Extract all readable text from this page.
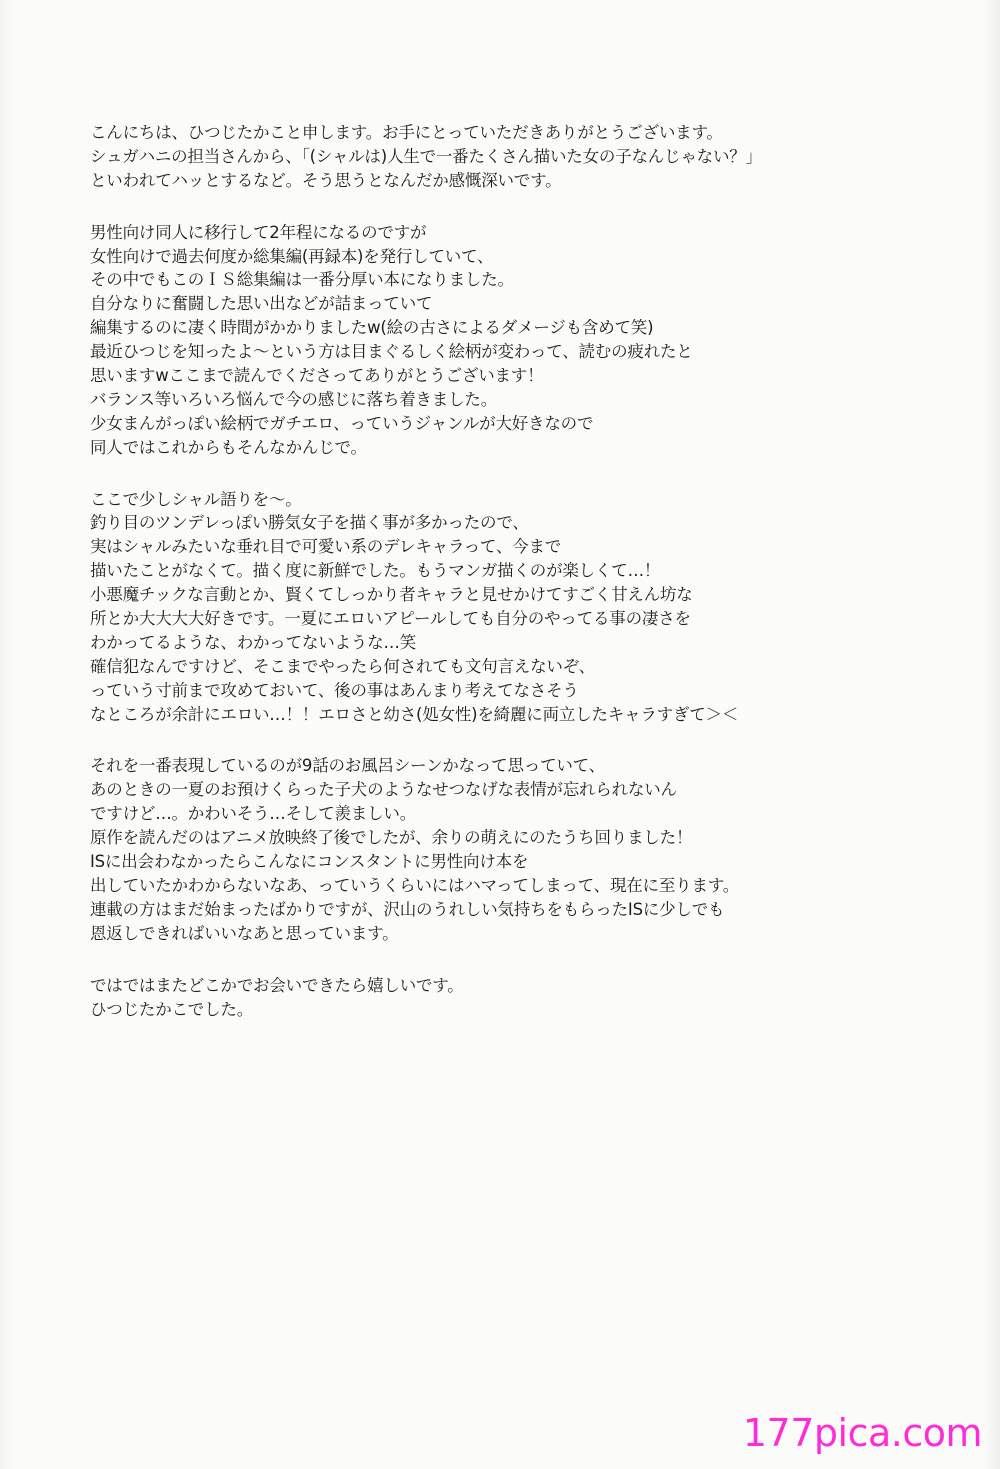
こんにちは、ひつじたかこと申します。お手にとっていただきありがとうございます。
シュガハニの担当さんから、「(シャルは)人生で一番たくさん描いた女の子なんじゃない？」
といわれてハッとするなど。そう思うとなんだか感慨深いです。
男性向け同人に移行して2年程になるのですが
女性向けで過去何度か総集編(再録本)を発行していて、
その中でもこのＩＳ総集編は一番分厚い本になりました。
自分なりに奮闘した思い出などが詰まっていて
編集するのに凄く時間がかかりましたw(絵の古さによるダメージも含めて笑)
最近ひつじを知ったよ～という方は目まぐるしく絵柄が変わって、読むの疲れたと
思いますwここまで読んでくださってありがとうございます！
バランス等いろいろ悩んで今の感じに落ち着きました。
少女まんがっぽい絵柄でガチエロ、っていうジャンルが大好きなので
同人ではこれからもそんなかんじで。
ここで少しシャル語りを～。
釣り目のツンデレっぽい勝気女子を描く事が多かったので、
実はシャルみたいな垂れ目で可愛い系のデレキャラって、今まで
描いたことがなくて。描く度に新鮮でした。もうマンガ描くのが楽しくて…！
小悪魔チックな言動とか、賢くてしっかり者キャラと見せかけてすごく甘えん坊な
所とか大大大大好きです。一夏にエロいアピールしても自分のやってる事の凄さを
わかってるような、わかってないような…笑
確信犯なんですけど、そこまでやったら何されても文句言えないぞ、
っていう寸前まで攻めておいて、後の事はあんまり考えてなさそう
なところが余計にエロい…！！エロさと幼さ(処女性)を綺麗に両立したキャラすぎて＞＜
それを一番表現しているのが9話のお風呂シーンかなって思っていて、
あのときの一夏のお預けくらった子犬のようなせつなげな表情が忘れられないん
ですけど…。かわいそう…そして羨ましい。
原作を読んだのはアニメ放映終了後でしたが、余りの萌えにのたうち回りました！
ISに出会わなかったらこんなにコンスタントに男性向け本を
出していたかわからないなあ、っていうくらいにはハマってしまって、現在に至ります。
連載の方はまだ始まったばかりですが、沢山のうれしい気持ちをもらったISに少しでも
恩返しできればいいなあと思っています。
ではではまたどこかでお会いできたら嬉しいです。
ひつじたかこでした。
177pica.com
